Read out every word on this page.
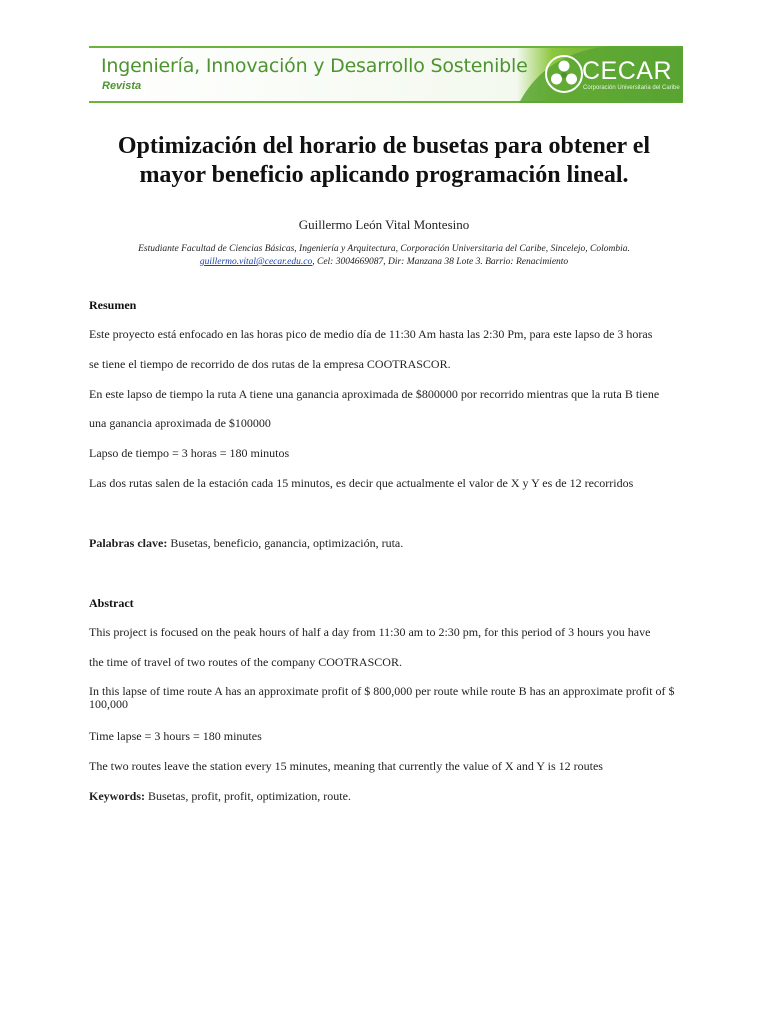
Ingeniería, Innovación y Desarrollo Sostenible
Revista
CECAR
Corporación Universitaria del Caribe
Optimización del horario de busetas para obtener el
mayor beneficio aplicando programación lineal.
Guillermo León Vital Montesino
Estudiante Facultad de Ciencias Básicas, Ingeniería y Arquitectura, Corporación Universitaria del Caribe, Sincelejo, Colombia.
guillermo.vital@cecar.edu.co, Cel: 3004669087, Dir: Manzana 38 Lote 3. Barrio: Renacimiento
Resumen
Este proyecto está enfocado en las horas pico de medio día de 11:30 Am hasta las 2:30 Pm, para este lapso de 3 horas
se tiene el tiempo de recorrido de dos rutas de la empresa COOTRASCOR.
En este lapso de tiempo la ruta A tiene una ganancia aproximada de $800000 por recorrido mientras que la ruta B tiene
una ganancia aproximada de $100000
Lapso de tiempo = 3 horas = 180 minutos
Las dos rutas salen de la estación cada 15 minutos, es decir que actualmente el valor de X y Y es de 12 recorridos
Palabras clave: Busetas, beneficio, ganancia, optimización, ruta.
Abstract
This project is focused on the peak hours of half a day from 11:30 am to 2:30 pm, for this period of 3 hours you have
the time of travel of two routes of the company COOTRASCOR.
In this lapse of time route A has an approximate profit of $ 800,000 per route while route B has an approximate profit of $ 100,000
Time lapse = 3 hours = 180 minutes
The two routes leave the station every 15 minutes, meaning that currently the value of X and Y is 12 routes
Keywords: Busetas, profit, profit, optimization, route.
